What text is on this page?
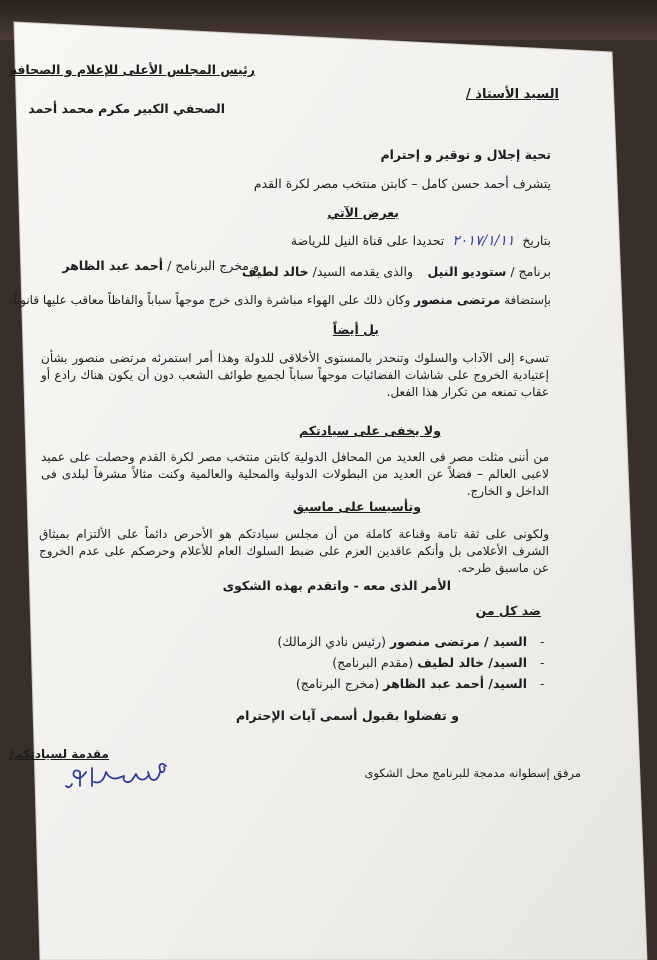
رئيس المجلس الأعلى للإعلام و الصحافة
الصحفي الكبير مكرم محمد أحمد
السيد الأستاذ /
تحية إجلال و توقير و إحترام
يتشرف أحمد حسن كامل – كابتن منتخب مصر لكرة القدم
بعرض الآتي
بتاريخ ٢٠١٧/١/١١ تحديدا على قناة النيل للرياضة
برنامج / ستوديو النيل
والذى يقدمه السيد/ خالد لطيف
و مخرج البرنامج / أحمد عبد الظاهر
بإستضافة مرتضى منصور وكان ذلك على الهواء مباشرة والذى خرج موجهاً سباباً والفاظاً معاقب عليها قانوناً.
بل أيضاً
تسىء إلى الآداب والسلوك وتنحدر بالمستوى الأخلاقى للدولة وهذا أمر استمرئه مرتضى منصور بشأن إعتيادية الخروج على شاشات الفضائيات موجهاً سباباً لجميع طوائف الشعب دون أن يكون هناك رادع أو عقاب تمنعه من تكرار هذا الفعل.
ولا يخفى على سيادتكم
من أننى مثلت مصر فى العديد من المحافل الدولية كابتن منتخب مصر لكرة القدم وحصلت على عميد لاعبى العالم – فضلاً عن العديد من البطولات الدولية والمحلية والعالمية وكنت مثالاً مشرفاً لبلدى فى الداخل و الخارج.
وتأسيسا على ماسبق
ولكونى على ثقة تامة وقناعة كاملة من أن مجلس سيادتكم هو الأحرص دائماً على الألتزام بميثاق الشرف الأعلامى بل وأنكم عاقدين العزم على ضبط السلوك العام للأعلام وحرصكم على عدم الخروج عن ماسبق طرحه.
الأمر الذى معه - واتقدم بهذه الشكوى
ضد كل من
-
السيد / مرتضى منصور (رئيس نادي الزمالك)
-
السيد/ خالد لطيف (مقدم البرنامج)
-
السيد/ أحمد عبد الظاهر (مخرج البرنامج)
و تفضلوا بقبول أسمى آيات الإحترام
مقدمة لسيادتكم/
مرفق إسطوانه مدمجة للبرنامج محل الشكوى
